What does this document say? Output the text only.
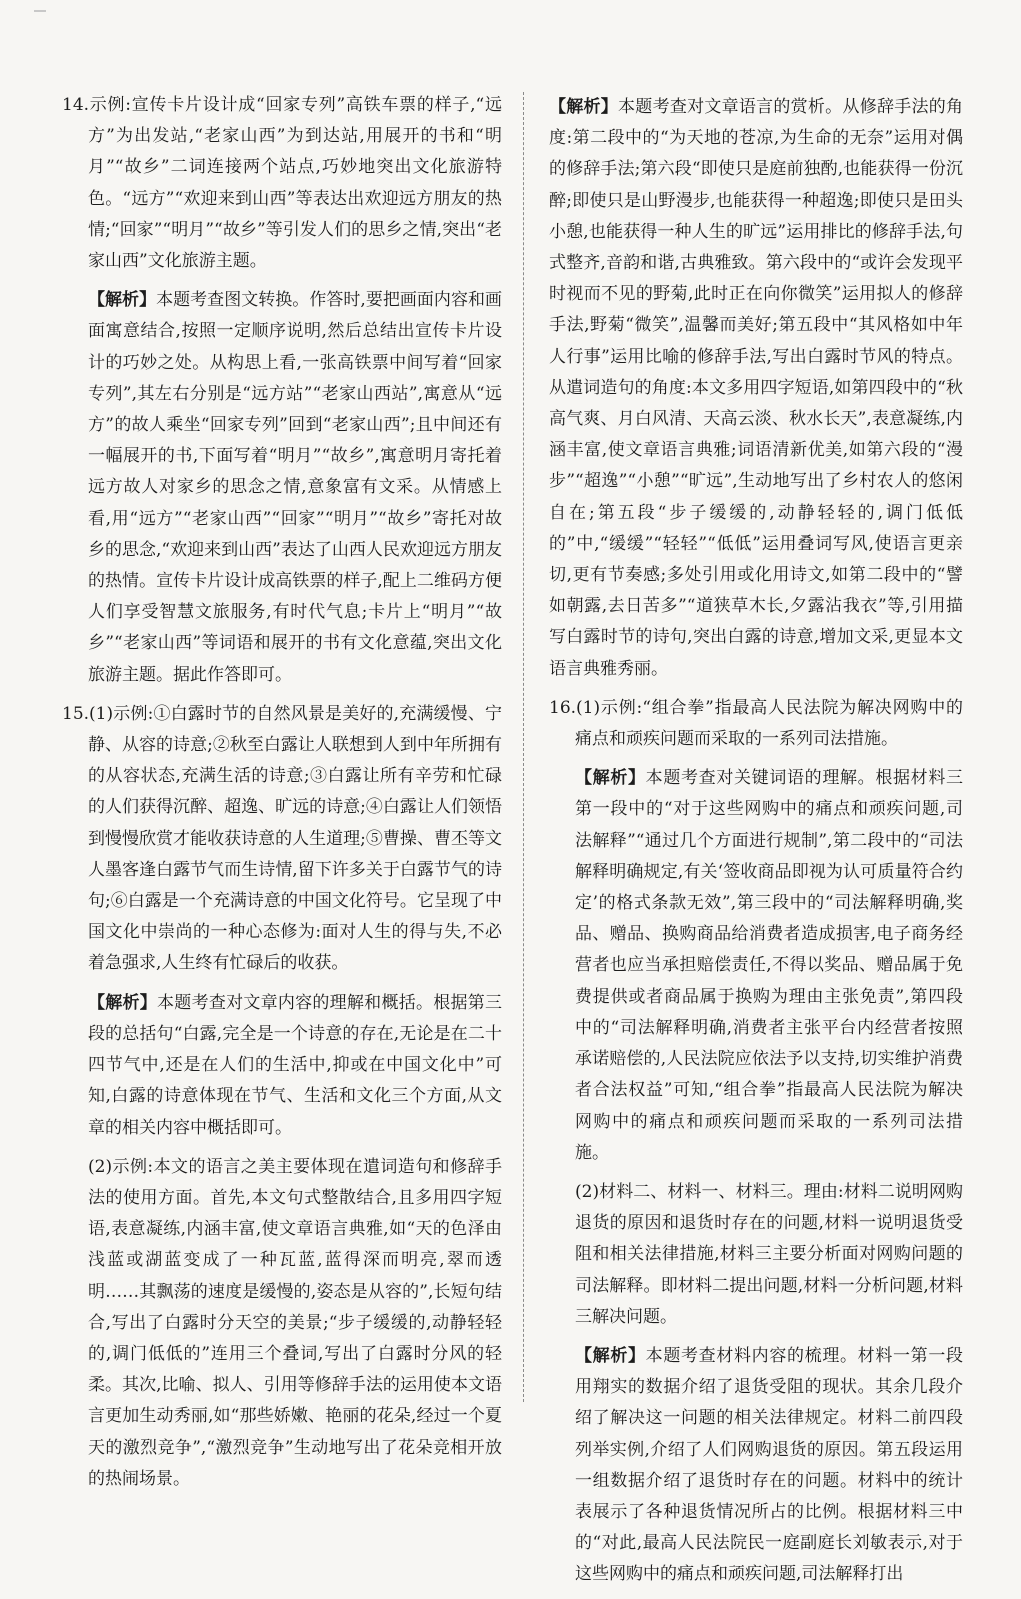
14.示例:宣传卡片设计成“回家专列”高铁车票的样子,“远方”为出发站,“老家山西”为到达站,用展开的书和“明月”“故乡”二词连接两个站点,巧妙地突出文化旅游特色。“远方”“欢迎来到山西”等表达出欢迎远方朋友的热情;“回家”“明月”“故乡”等引发人们的思乡之情,突出“老家山西”文化旅游主题。
【解析】本题考查图文转换。作答时,要把画面内容和画面寓意结合,按照一定顺序说明,然后总结出宣传卡片设计的巧妙之处。从构思上看,一张高铁票中间写着“回家专列”,其左右分别是“远方站”“老家山西站”,寓意从“远方”的故人乘坐“回家专列”回到“老家山西”;且中间还有一幅展开的书,下面写着“明月”“故乡”,寓意明月寄托着远方故人对家乡的思念之情,意象富有文采。从情感上看,用“远方”“老家山西”“回家”“明月”“故乡”寄托对故乡的思念,“欢迎来到山西”表达了山西人民欢迎远方朋友的热情。宣传卡片设计成高铁票的样子,配上二维码方便人们享受智慧文旅服务,有时代气息;卡片上“明月”“故乡”“老家山西”等词语和展开的书有文化意蕴,突出文化旅游主题。据此作答即可。
15.(1)示例:①白露时节的自然风景是美好的,充满缓慢、宁静、从容的诗意;②秋至白露让人联想到人到中年所拥有的从容状态,充满生活的诗意;③白露让所有辛劳和忙碌的人们获得沉醉、超逸、旷远的诗意;④白露让人们领悟到慢慢欣赏才能收获诗意的人生道理;⑤曹操、曹丕等文人墨客逢白露节气而生诗情,留下许多关于白露节气的诗句;⑥白露是一个充满诗意的中国文化符号。它呈现了中国文化中崇尚的一种心态修为:面对人生的得与失,不必着急强求,人生终有忙碌后的收获。
【解析】本题考查对文章内容的理解和概括。根据第三段的总括句“白露,完全是一个诗意的存在,无论是在二十四节气中,还是在人们的生活中,抑或在中国文化中”可知,白露的诗意体现在节气、生活和文化三个方面,从文章的相关内容中概括即可。
(2)示例:本文的语言之美主要体现在遣词造句和修辞手法的使用方面。首先,本文句式整散结合,且多用四字短语,表意凝练,内涵丰富,使文章语言典雅,如“天的色泽由浅蓝或湖蓝变成了一种瓦蓝,蓝得深而明亮,翠而透明……其飘荡的速度是缓慢的,姿态是从容的”,长短句结合,写出了白露时分天空的美景;“步子缓缓的,动静轻轻的,调门低低的”连用三个叠词,写出了白露时分风的轻柔。其次,比喻、拟人、引用等修辞手法的运用使本文语言更加生动秀丽,如“那些娇嫩、艳丽的花朵,经过一个夏天的激烈竞争”,“激烈竞争”生动地写出了花朵竞相开放的热闹场景。
【解析】本题考查对文章语言的赏析。从修辞手法的角度:第二段中的“为天地的苍凉,为生命的无奈”运用对偶的修辞手法;第六段“即使只是庭前独酌,也能获得一份沉醉;即使只是山野漫步,也能获得一种超逸;即使只是田头小憩,也能获得一种人生的旷远”运用排比的修辞手法,句式整齐,音韵和谐,古典雅致。第六段中的“或许会发现平时视而不见的野菊,此时正在向你微笑”运用拟人的修辞手法,野菊“微笑”,温馨而美好;第五段中“其风格如中年人行事”运用比喻的修辞手法,写出白露时节风的特点。从遣词造句的角度:本文多用四字短语,如第四段中的“秋高气爽、月白风清、天高云淡、秋水长天”,表意凝练,内涵丰富,使文章语言典雅;词语清新优美,如第六段的“漫步”“超逸”“小憩”“旷远”,生动地写出了乡村农人的悠闲自在;第五段“步子缓缓的,动静轻轻的,调门低低的”中,“缓缓”“轻轻”“低低”运用叠词写风,使语言更亲切,更有节奏感;多处引用或化用诗文,如第二段中的“譬如朝露,去日苦多”“道狭草木长,夕露沾我衣”等,引用描写白露时节的诗句,突出白露的诗意,增加文采,更显本文语言典雅秀丽。
16.(1)示例:“组合拳”指最高人民法院为解决网购中的痛点和顽疾问题而采取的一系列司法措施。
【解析】本题考查对关键词语的理解。根据材料三第一段中的“对于这些网购中的痛点和顽疾问题,司法解释”“通过几个方面进行规制”,第二段中的“司法解释明确规定,有关‘签收商品即视为认可质量符合约定’的格式条款无效”,第三段中的“司法解释明确,奖品、赠品、换购商品给消费者造成损害,电子商务经营者也应当承担赔偿责任,不得以奖品、赠品属于免费提供或者商品属于换购为理由主张免责”,第四段中的“司法解释明确,消费者主张平台内经营者按照承诺赔偿的,人民法院应依法予以支持,切实维护消费者合法权益”可知,“组合拳”指最高人民法院为解决网购中的痛点和顽疾问题而采取的一系列司法措施。
(2)材料二、材料一、材料三。理由:材料二说明网购退货的原因和退货时存在的问题,材料一说明退货受阻和相关法律措施,材料三主要分析面对网购问题的司法解释。即材料二提出问题,材料一分析问题,材料三解决问题。
【解析】本题考查材料内容的梳理。材料一第一段用翔实的数据介绍了退货受阻的现状。其余几段介绍了解决这一问题的相关法律规定。材料二前四段列举实例,介绍了人们网购退货的原因。第五段运用一组数据介绍了退货时存在的问题。材料中的统计表展示了各种退货情况所占的比例。根据材料三中的“对此,最高人民法院民一庭副庭长刘敏表示,对于这些网购中的痛点和顽疾问题,司法解释打出
